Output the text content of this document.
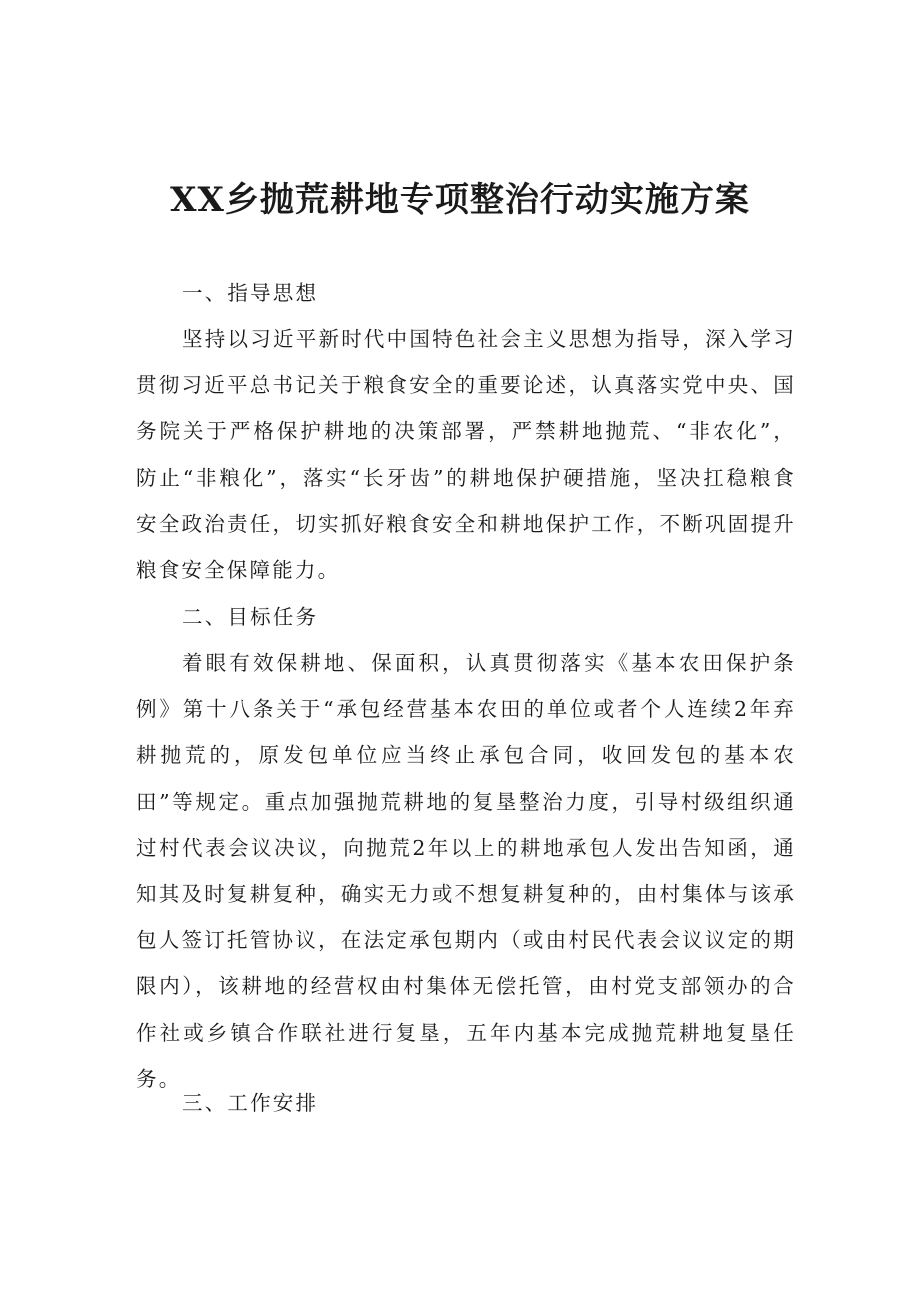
XX乡抛荒耕地专项整治行动实施方案

一、指导思想

坚持以习近平新时代中国特色社会主义思想为指导，深入学习贯彻习近平总书记关于粮食安全的重要论述，认真落实党中央、国务院关于严格保护耕地的决策部署，严禁耕地抛荒、“非农化”，防止“非粮化”，落实“长牙齿”的耕地保护硬措施，坚决扛稳粮食安全政治责任，切实抓好粮食安全和耕地保护工作，不断巩固提升粮食安全保障能力。

二、目标任务

着眼有效保耕地、保面积，认真贯彻落实《基本农田保护条例》第十八条关于“承包经营基本农田的单位或者个人连续2年弃耕抛荒的，原发包单位应当终止承包合同，收回发包的基本农田”等规定。重点加强抛荒耕地的复垦整治力度，引导村级组织通过村代表会议决议，向抛荒2年以上的耕地承包人发出告知函，通知其及时复耕复种，确实无力或不想复耕复种的，由村集体与该承包人签订托管协议，在法定承包期内（或由村民代表会议议定的期限内），该耕地的经营权由村集体无偿托管，由村党支部领办的合作社或乡镇合作联社进行复垦，五年内基本完成抛荒耕地复垦任务。

三、工作安排
